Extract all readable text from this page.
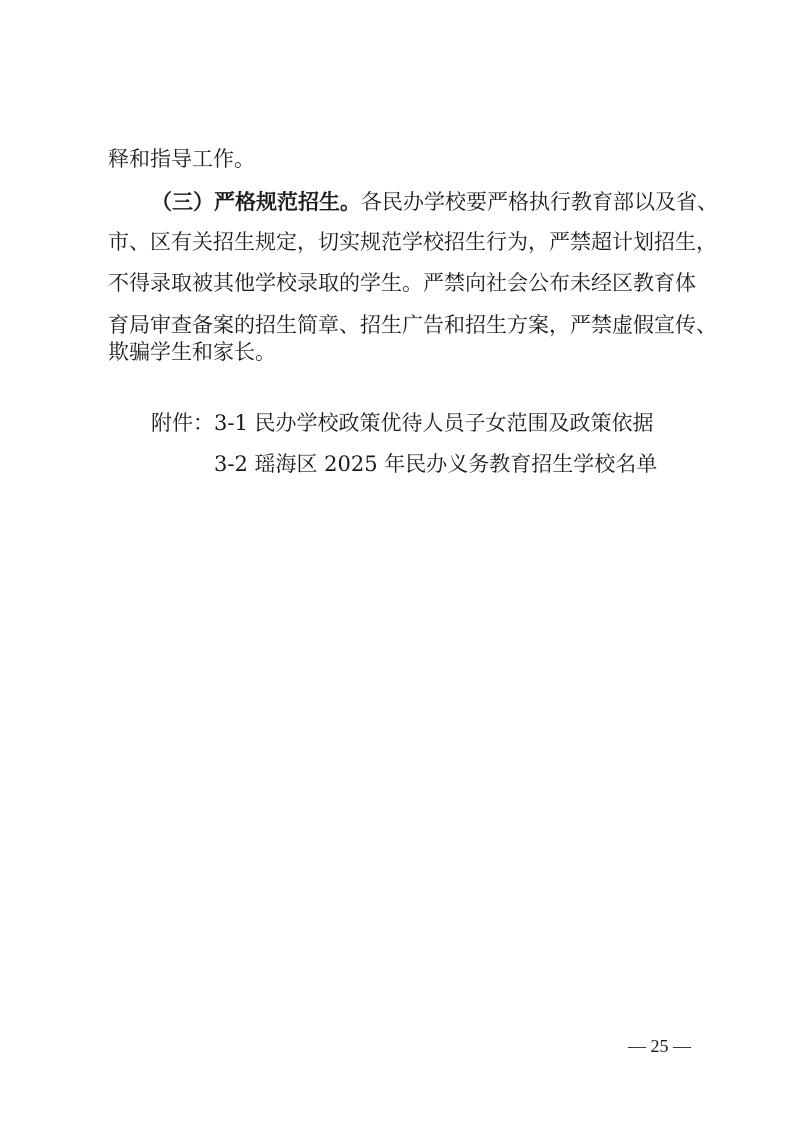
释和指导工作。
（三）严格规范招生。各民办学校要严格执行教育部以及省、
市、区有关招生规定，切实规范学校招生行为，严禁超计划招生，
不得录取被其他学校录取的学生。严禁向社会公布未经区教育体
育局审查备案的招生简章、招生广告和招生方案，严禁虚假宣传、
欺骗学生和家长。
附件：3-1 民办学校政策优待人员子女范围及政策依据
3-2 瑶海区 2025 年民办义务教育招生学校名单
— 25 —
